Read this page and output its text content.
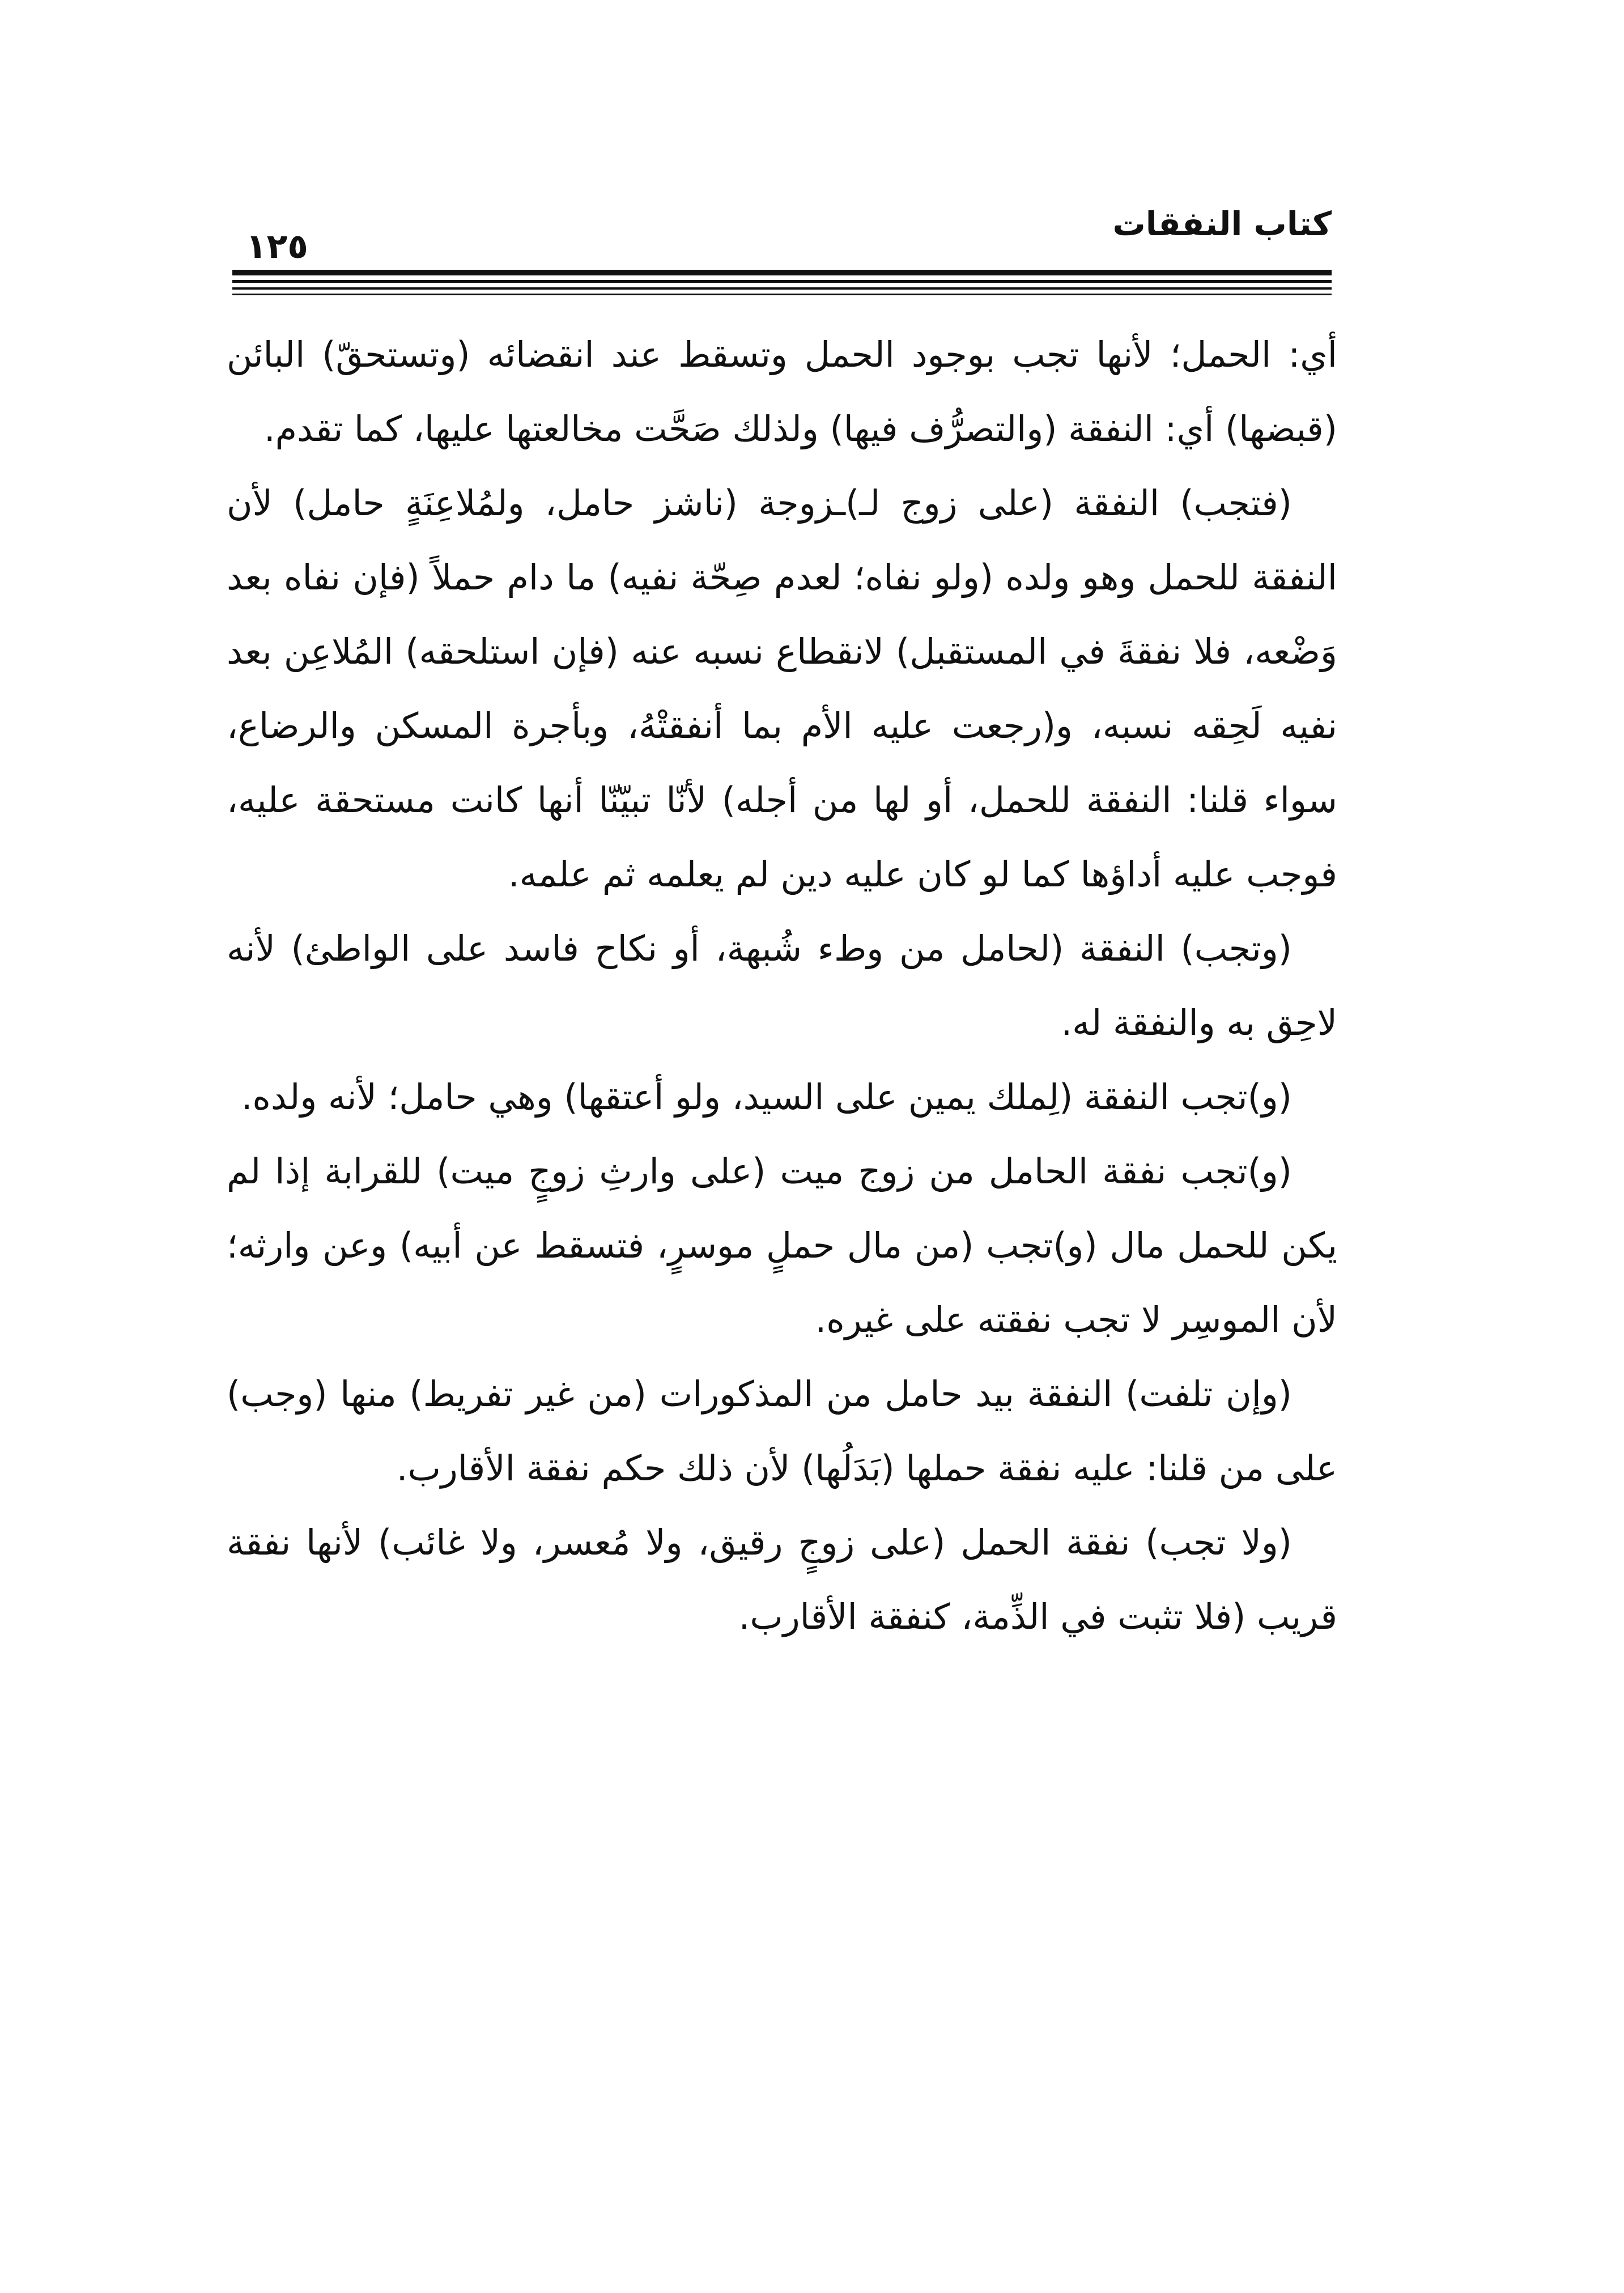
كتاب النفقات
١٢٥

أي: الحمل؛ لأنها تجب بوجود الحمل وتسقط عند انقضائه (وتستحقّ) البائن (قبضها) أي: النفقة (والتصرُّف فيها) ولذلك صَحَّت مخالعتها عليها، كما تقدم.

(فتجب) النفقة (على زوج لـ)ـزوجة (ناشز حامل، ولمُلاعِنَةٍ حامل) لأن النفقة للحمل وهو ولده (ولو نفاه؛ لعدم صِحّة نفيه) ما دام حملاً (فإن نفاه بعد وَضْعه، فلا نفقةَ في المستقبل) لانقطاع نسبه عنه (فإن استلحقه) المُلاعِن بعد نفيه لَحِقه نسبه، و(رجعت عليه الأم بما أنفقتْهُ، وبأجرة المسكن والرضاع، سواء قلنا: النفقة للحمل، أو لها من أجله) لأنّا تبيّنّا أنها كانت مستحقة عليه، فوجب عليه أداؤها كما لو كان عليه دين لم يعلمه ثم علمه.

(وتجب) النفقة (لحامل من وطء شُبهة، أو نكاح فاسد على الواطئ) لأنه لاحِق به والنفقة له.

(و)تجب النفقة (لِملك يمين على السيد، ولو أعتقها) وهي حامل؛ لأنه ولده.

(و)تجب نفقة الحامل من زوج ميت (على وارثِ زوجٍ ميت) للقرابة إذا لم يكن للحمل مال (و)تجب (من مال حملٍ موسرٍ، فتسقط عن أبيه) وعن وارثه؛ لأن الموسِر لا تجب نفقته على غيره.

(وإن تلفت) النفقة بيد حامل من المذكورات (من غير تفريط) منها (وجب) على من قلنا: عليه نفقة حملها (بَدَلُها) لأن ذلك حكم نفقة الأقارب.

(ولا تجب) نفقة الحمل (على زوجٍ رقيق، ولا مُعسر، ولا غائب) لأنها نفقة قريب (فلا تثبت في الذِّمة، كنفقة الأقارب.
